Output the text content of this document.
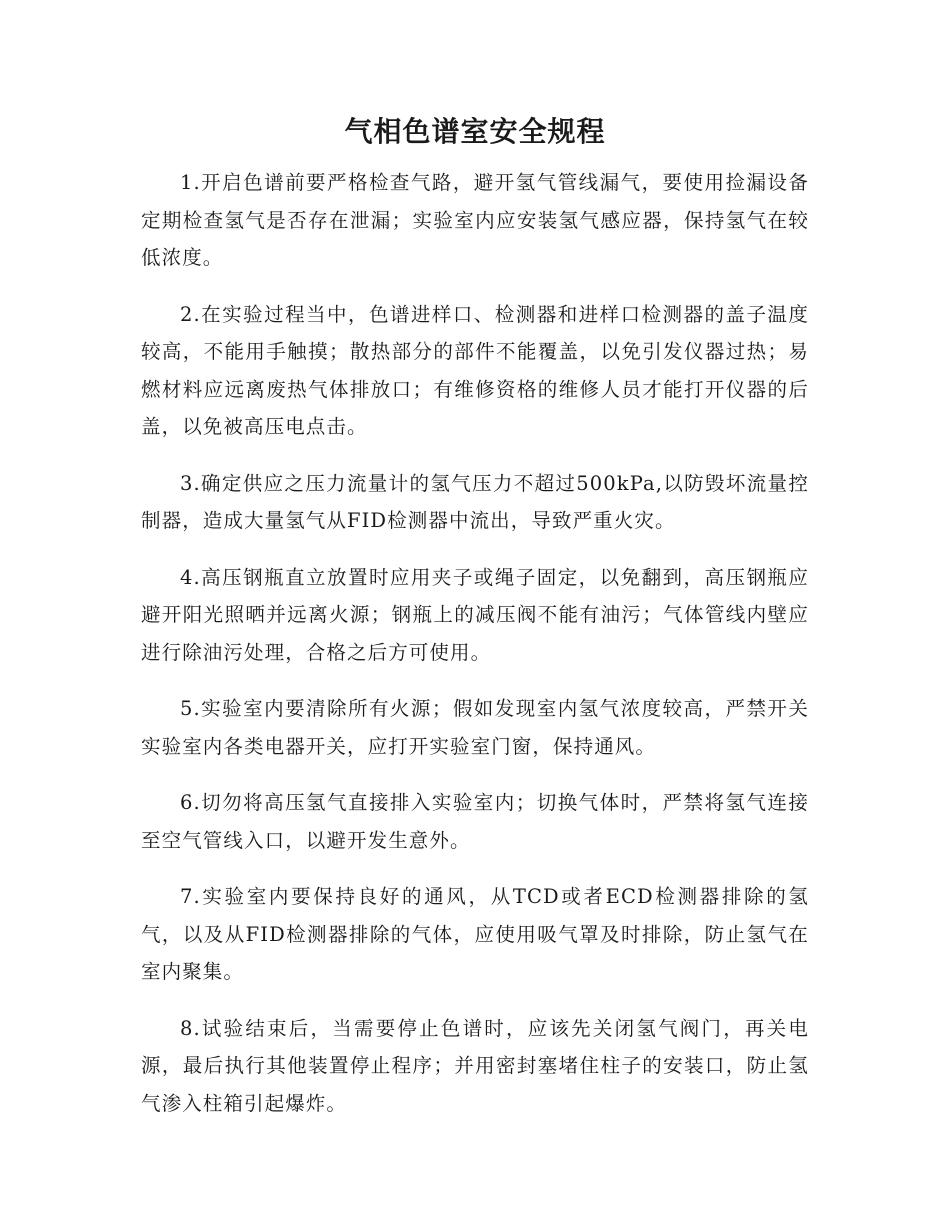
气相色谱室安全规程

1.开启色谱前要严格检查气路，避开氢气管线漏气，要使用捡漏设备定期检查氢气是否存在泄漏；实验室内应安装氢气感应器，保持氢气在较低浓度。

2.在实验过程当中，色谱进样口、检测器和进样口检测器的盖子温度较高，不能用手触摸；散热部分的部件不能覆盖，以免引发仪器过热；易燃材料应远离废热气体排放口；有维修资格的维修人员才能打开仪器的后盖，以免被高压电点击。

3.确定供应之压力流量计的氢气压力不超过500kPa,以防毁坏流量控制器，造成大量氢气从FID检测器中流出，导致严重火灾。

4.高压钢瓶直立放置时应用夹子或绳子固定，以免翻到，高压钢瓶应避开阳光照晒并远离火源；钢瓶上的减压阀不能有油污；气体管线内壁应进行除油污处理，合格之后方可使用。

5.实验室内要清除所有火源；假如发现室内氢气浓度较高，严禁开关实验室内各类电器开关，应打开实验室门窗，保持通风。

6.切勿将高压氢气直接排入实验室内；切换气体时，严禁将氢气连接至空气管线入口，以避开发生意外。

7.实验室内要保持良好的通风，从TCD或者ECD检测器排除的氢气，以及从FID检测器排除的气体，应使用吸气罩及时排除，防止氢气在室内聚集。

8.试验结束后，当需要停止色谱时，应该先关闭氢气阀门，再关电源，最后执行其他装置停止程序；并用密封塞堵住柱子的安装口，防止氢气渗入柱箱引起爆炸。
